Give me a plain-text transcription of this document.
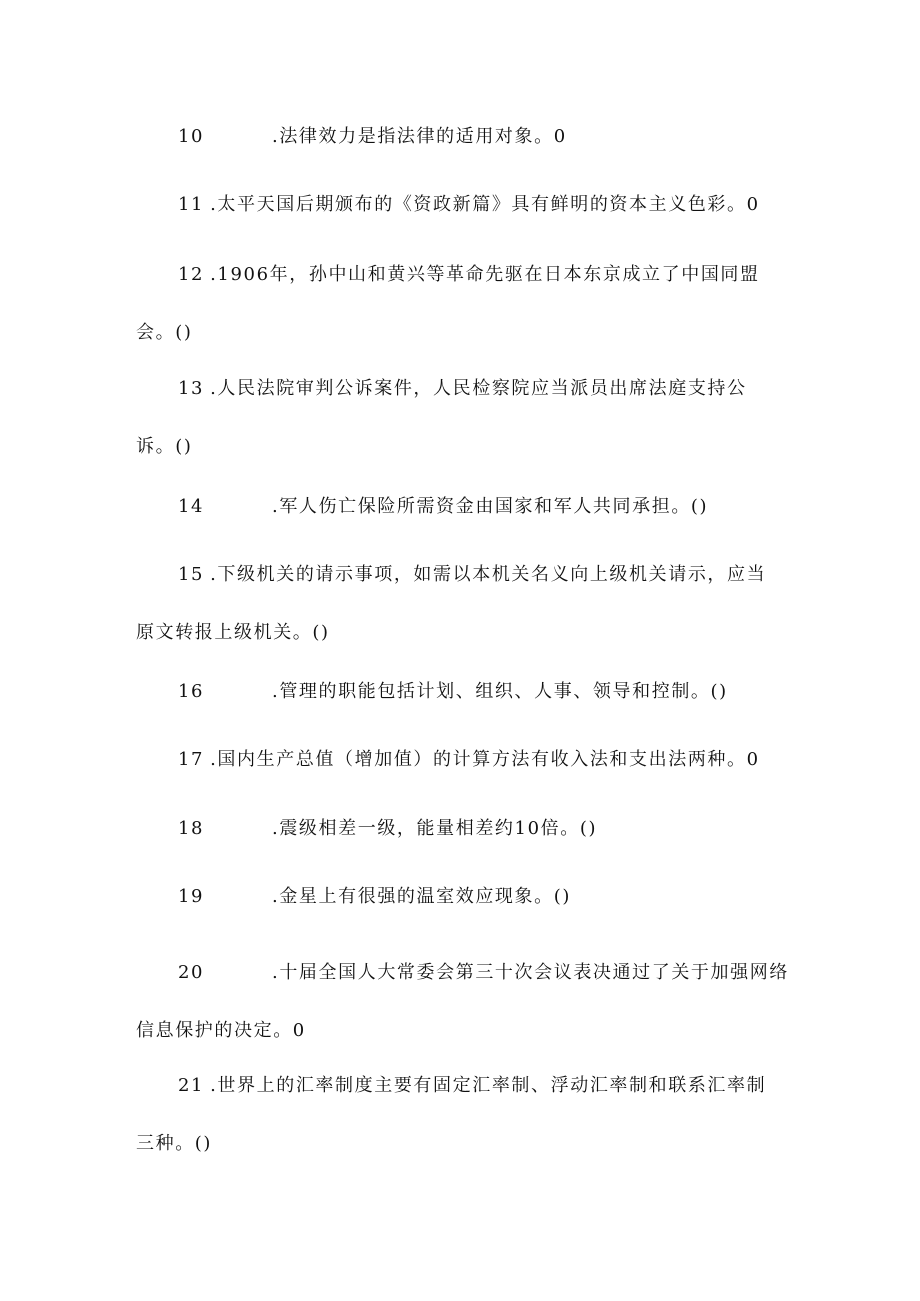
10	.法律效力是指法律的适用对象。0
11 .太平天国后期颁布的《资政新篇》具有鲜明的资本主义色彩。0
12 .1906年，孙中山和黄兴等革命先驱在日本东京成立了中国同盟
会。()
13 .人民法院审判公诉案件，人民检察院应当派员出席法庭支持公
诉。()
14	.军人伤亡保险所需资金由国家和军人共同承担。()
15 .下级机关的请示事项，如需以本机关名义向上级机关请示，应当
原文转报上级机关。()
16	.管理的职能包括计划、组织、人事、领导和控制。()
17 .国内生产总值（增加值）的计算方法有收入法和支出法两种。0
18	.震级相差一级，能量相差约10倍。()
19	.金星上有很强的温室效应现象。()
20	.十届全国人大常委会第三十次会议表决通过了关于加强网络
信息保护的决定。0
21 .世界上的汇率制度主要有固定汇率制、浮动汇率制和联系汇率制
三种。()
